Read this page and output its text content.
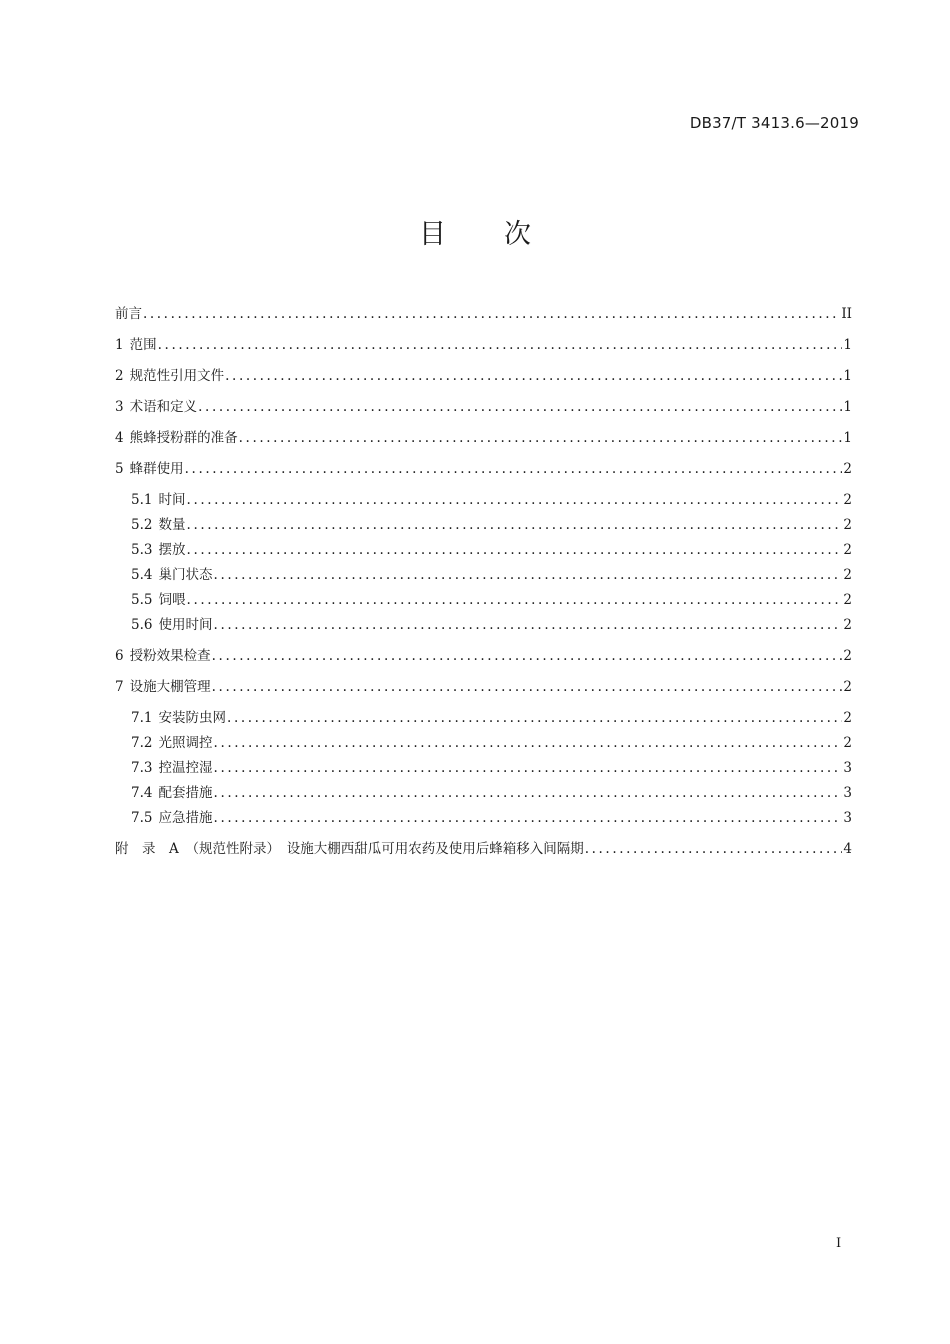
DB37/T 3413.6—2019
目 次
前言 .....	II
1 范围 .....	1
2 规范性引用文件 .....	1
3 术语和定义 .....	1
4 熊蜂授粉群的准备 .....	1
5 蜂群使用 .....	2
5.1 时间 .....	2
5.2 数量 .....	2
5.3 摆放 .....	2
5.4 巢门状态 .....	2
5.5 饲喂 .....	2
5.6 使用时间 .....	2
6 授粉效果检查 .....	2
7 设施大棚管理 .....	2
7.1 安装防虫网 .....	2
7.2 光照调控 .....	2
7.3 控温控湿 .....	3
7.4 配套措施 .....	3
7.5 应急措施 .....	3
附　录　A　（规范性附录）　设施大棚西甜瓜可用农药及使用后蜂箱移入间隔期 .....	4
I
